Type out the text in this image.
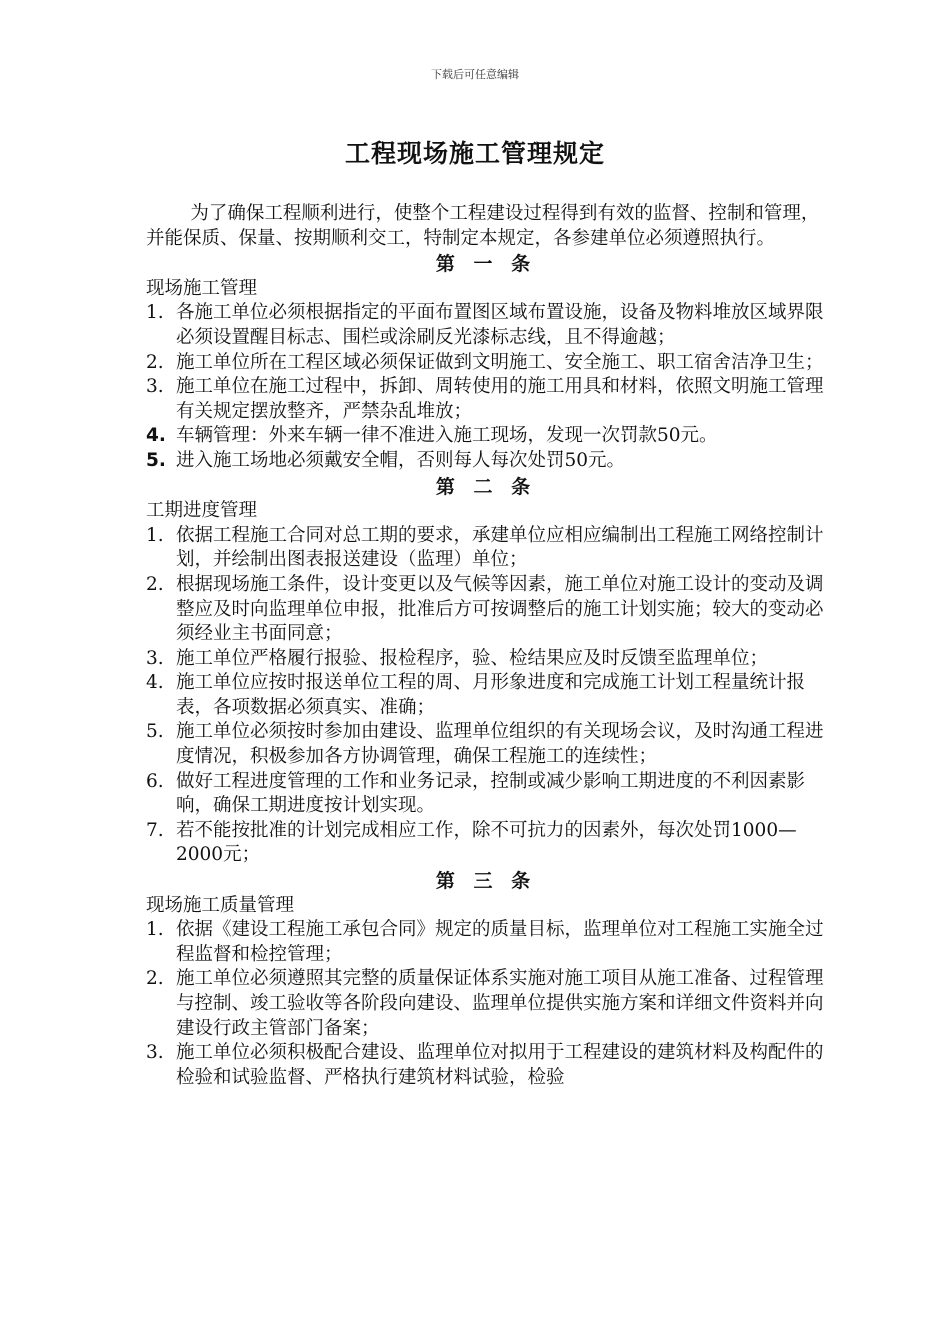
下载后可任意编辑
工程现场施工管理规定

为了确保工程顺利进行，使整个工程建设过程得到有效的监督、控制和管理，并能保质、保量、按期顺利交工，特制定本规定，各参建单位必须遵照执行。

第 一 条
现场施工管理
1. 各施工单位必须根据指定的平面布置图区域布置设施，设备及物料堆放区域界限必须设置醒目标志、围栏或涂刷反光漆标志线，且不得逾越；
2. 施工单位所在工程区域必须保证做到文明施工、安全施工、职工宿舍洁净卫生；
3. 施工单位在施工过程中，拆卸、周转使用的施工用具和材料，依照文明施工管理有关规定摆放整齐，严禁杂乱堆放；
4. 车辆管理：外来车辆一律不准进入施工现场，发现一次罚款50元。
5. 进入施工场地必须戴安全帽，否则每人每次处罚50元。
第 二 条
工期进度管理
1. 依据工程施工合同对总工期的要求，承建单位应相应编制出工程施工网络控制计划，并绘制出图表报送建设（监理）单位；
2. 根据现场施工条件，设计变更以及气候等因素，施工单位对施工设计的变动及调整应及时向监理单位申报，批准后方可按调整后的施工计划实施；较大的变动必须经业主书面同意；
3. 施工单位严格履行报验、报检程序，验、检结果应及时反馈至监理单位；
4. 施工单位应按时报送单位工程的周、月形象进度和完成施工计划工程量统计报表，各项数据必须真实、准确；
5. 施工单位必须按时参加由建设、监理单位组织的有关现场会议，及时沟通工程进度情况，积极参加各方协调管理，确保工程施工的连续性；
6. 做好工程进度管理的工作和业务记录，控制或减少影响工期进度的不利因素影响，确保工期进度按计划实现。
7. 若不能按批准的计划完成相应工作，除不可抗力的因素外，每次处罚1000—2000元；
第 三 条
现场施工质量管理
1. 依据《建设工程施工承包合同》规定的质量目标，监理单位对工程施工实施全过程监督和检控管理；
2. 施工单位必须遵照其完整的质量保证体系实施对施工项目从施工准备、过程管理与控制、竣工验收等各阶段向建设、监理单位提供实施方案和详细文件资料并向建设行政主管部门备案；
3. 施工单位必须积极配合建设、监理单位对拟用于工程建设的建筑材料及构配件的检验和试验监督、严格执行建筑材料试验，检验
